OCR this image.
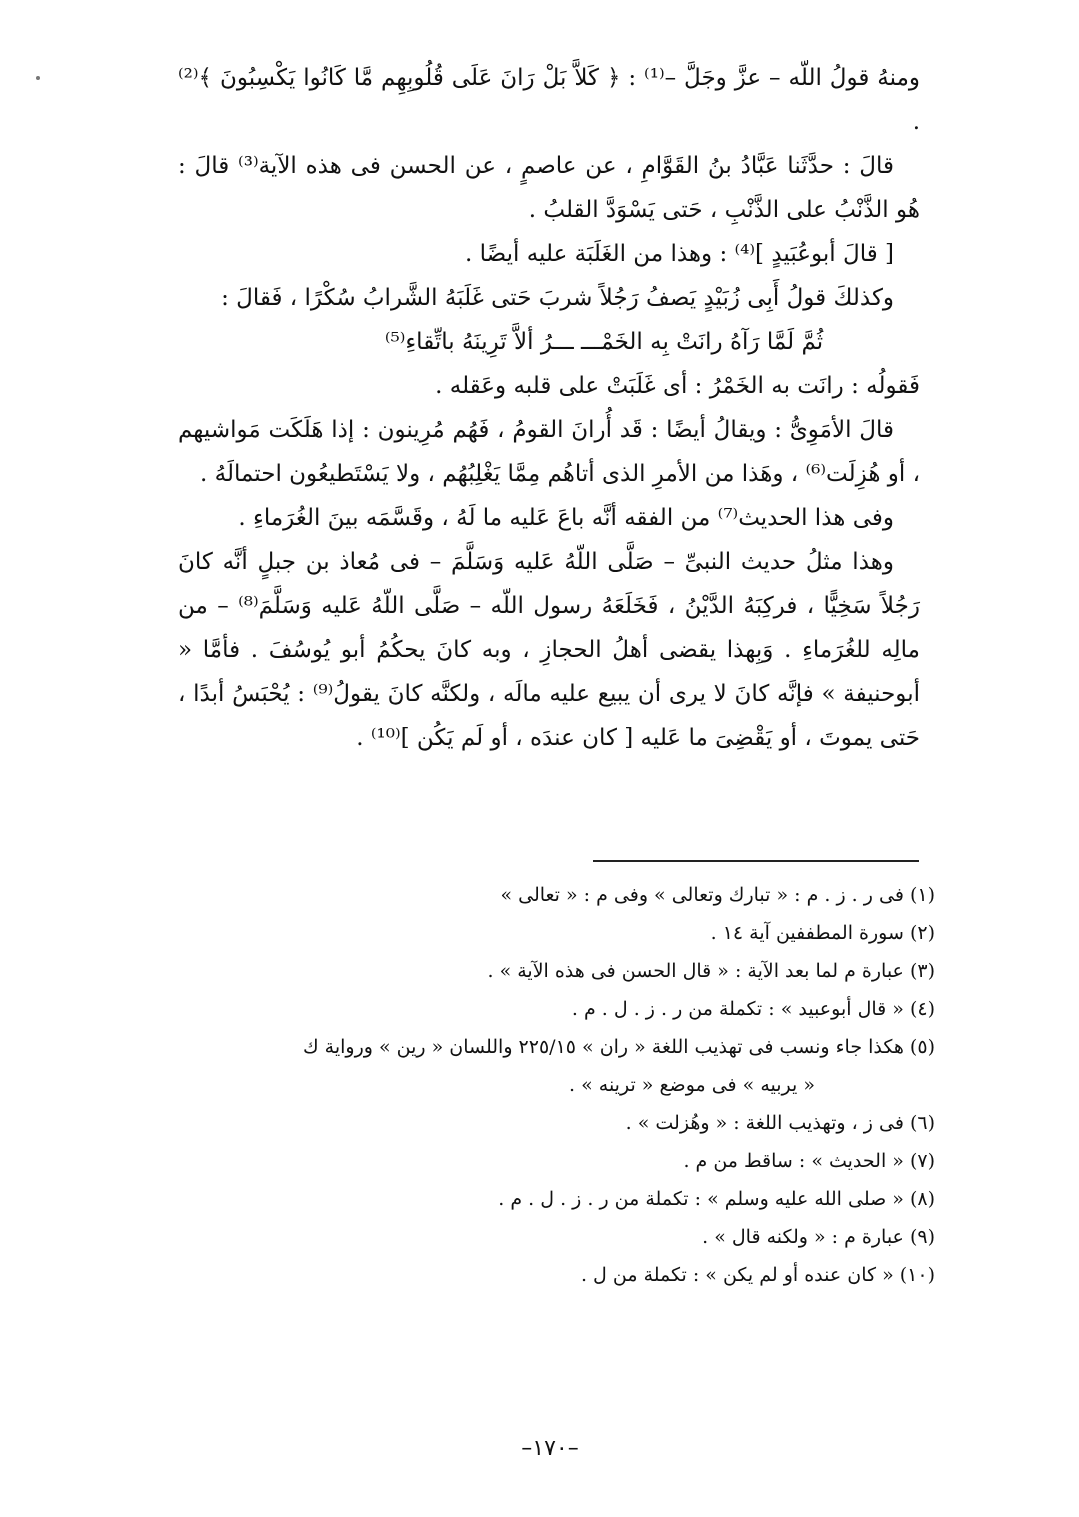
ومنهُ قولُ اللّه – عزَّ وجَلَّ –⁽¹⁾ : ﴿ كَلاَّ بَلْ رَانَ عَلَى قُلُوبِهِم مَّا كَانُوا يَكْسِبُونَ ﴾⁽²⁾ .

قالَ : حدَّثَنا عَبَّادُ بنُ القَوَّامِ ، عن عاصمٍ ، عن الحسن فى هذه الآية⁽³⁾ قالَ : هُو الذَّنْبُ على الذَّنْبِ ، حَتى يَسْوَدَّ القلبُ .

[ قالَ أبوعُبَيدٍ ]⁽⁴⁾ : وهذا من الغَلَبَة عليه أيضًا .

وكذلكَ قولُ أَبِى زُبَيْدٍ يَصفُ رَجُلاً شربَ حَتى غَلَبَهُ الشَّرابُ سُكْرًا ، فَقالَ :

ثُمَّ لَمَّا رَآهُ رانَتْ بِه الخَمْـــ ـــرُ ألاَّ تَرِينَهُ باتِّقاءِ⁽⁵⁾

فَقولُه : رانَت به الخَمْرُ : أى غَلَبَتْ على قلبه وعَقله .

قالَ الأمَوِىُّ : ويقالُ أيضًا : قَد أُرانَ القومُ ، فَهُم مُرِينون : إذا هَلَكَت مَواشيهم ، أو هُزِلَت⁽⁶⁾ ، وهَذا من الأمرِ الذى أتاهُم مِمَّا يَغْلِبُهُم ، ولا يَسْتَطيعُون احتمالَهُ .

وفى هذا الحديث⁽⁷⁾ من الفقه أنَّه باعَ عَليه ما لَهُ ، وقَسَّمَه بينَ الغُرَماءِ .

وهذا مثلُ حديث النبىِّ – صَلَّى اللّهُ عَليه وَسَلَّمَ – فى مُعاذ بن جبلٍ أنَّه كانَ رَجُلاً سَخِيًّا ، فركِبَهُ الدَّيْنُ ، فَخَلَعَهُ رسول اللّه – صَلَّى اللّهُ عَليه وَسَلَّمَ⁽⁸⁾ – من مالِه للغُرَماءِ . وَبِهذا يقضى أهلُ الحجازِ ، وبه كانَ يحكُمُ أبو يُوسُفَ . فأمَّا « أبوحنيفة » فإنَّه كانَ لا يرى أن يبيع عليه مالَه ، ولكنَّه كانَ يقولُ⁽⁹⁾ : يُحْبَسُ أبدًا ، حَتى يموتَ ، أو يَقْضِىَ ما عَليه [ كان عندَه ، أو لَم يَكُن ]⁽¹⁰⁾ .

(١) فى ر . ز . م : « تبارك وتعالى » وفى م : « تعالى »

(٢) سورة المطففين آية ١٤ .

(٣) عبارة م لما بعد الآية : « قال الحسن فى هذه الآية » .

(٤) « قال أبوعبيد » : تكملة من ر . ز . ل . م .

(٥) هكذا جاء ونسب فى تهذيب اللغة « ران » ٢٢٥/١٥ واللسان « رين » ورواية ك

« يربيه » فى موضع « ترينه » .

(٦) فى ز ، وتهذيب اللغة : « وهُزلت » .

(٧) « الحديث » : ساقط من م .

(٨) « صلى الله عليه وسلم » : تكملة من ر . ز . ل . م .

(٩) عبارة م : « ولكنه قال » .

(١٠) « كان عنده أو لم يكن » : تكملة من ل .

–١٧٠–
